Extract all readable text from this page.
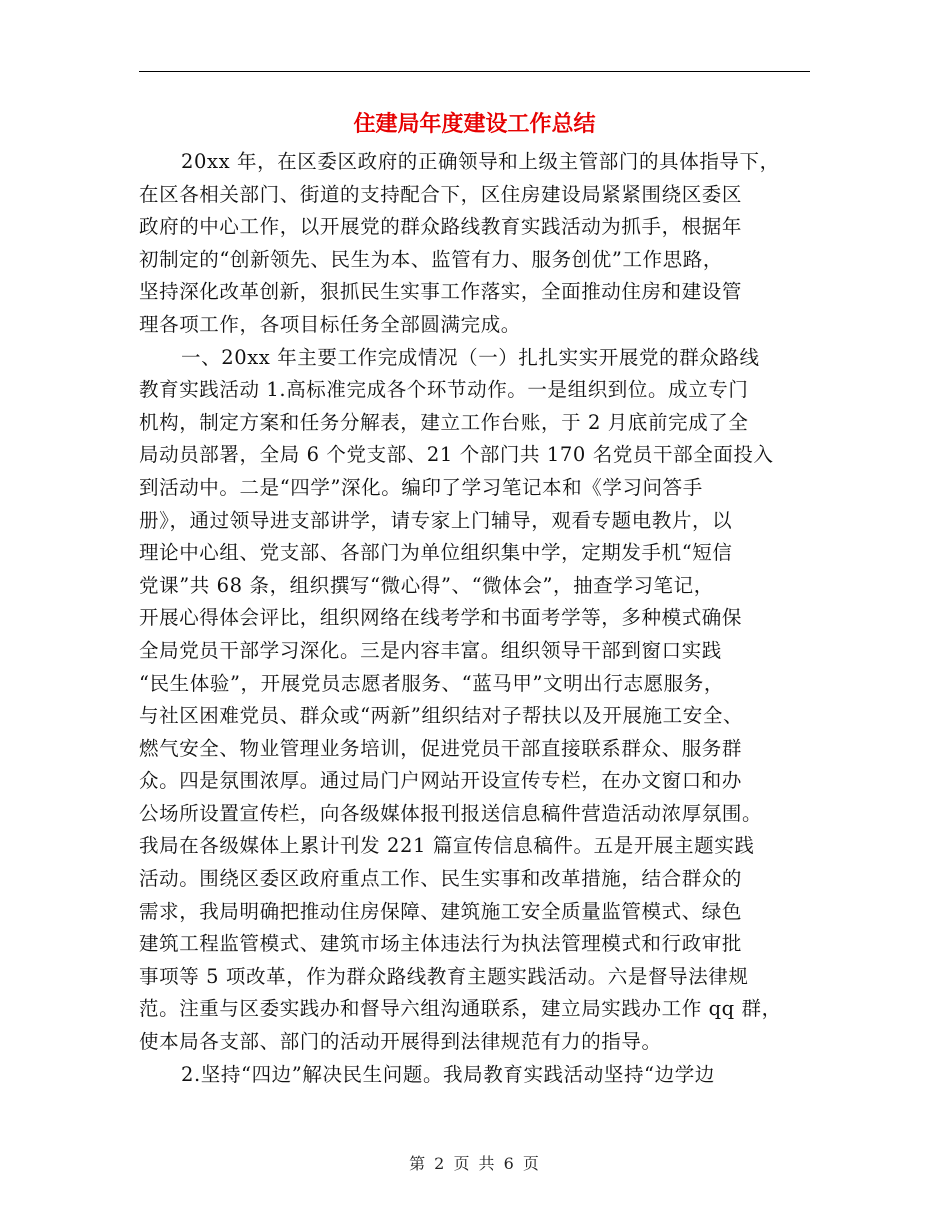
住建局年度建设工作总结
20xx 年，在区委区政府的正确领导和上级主管部门的具体指导下，
在区各相关部门、街道的支持配合下，区住房建设局紧紧围绕区委区
政府的中心工作，以开展党的群众路线教育实践活动为抓手，根据年
初制定的“创新领先、民生为本、监管有力、服务创优”工作思路，
坚持深化改革创新，狠抓民生实事工作落实，全面推动住房和建设管
理各项工作，各项目标任务全部圆满完成。
一、20xx 年主要工作完成情况（一）扎扎实实开展党的群众路线
教育实践活动 1.高标准完成各个环节动作。一是组织到位。成立专门
机构，制定方案和任务分解表，建立工作台账，于 2 月底前完成了全
局动员部署，全局 6 个党支部、21 个部门共 170 名党员干部全面投入
到活动中。二是“四学”深化。编印了学习笔记本和《学习问答手
册》，通过领导进支部讲学，请专家上门辅导，观看专题电教片，以
理论中心组、党支部、各部门为单位组织集中学，定期发手机“短信
党课”共 68 条，组织撰写“微心得”、“微体会”，抽查学习笔记，
开展心得体会评比，组织网络在线考学和书面考学等，多种模式确保
全局党员干部学习深化。三是内容丰富。组织领导干部到窗口实践
“民生体验”，开展党员志愿者服务、“蓝马甲”文明出行志愿服务，
与社区困难党员、群众或“两新”组织结对子帮扶以及开展施工安全、
燃气安全、物业管理业务培训，促进党员干部直接联系群众、服务群
众。四是氛围浓厚。通过局门户网站开设宣传专栏，在办文窗口和办
公场所设置宣传栏，向各级媒体报刊报送信息稿件营造活动浓厚氛围。
我局在各级媒体上累计刊发 221 篇宣传信息稿件。五是开展主题实践
活动。围绕区委区政府重点工作、民生实事和改革措施，结合群众的
需求，我局明确把推动住房保障、建筑施工安全质量监管模式、绿色
建筑工程监管模式、建筑市场主体违法行为执法管理模式和行政审批
事项等 5 项改革，作为群众路线教育主题实践活动。六是督导法律规
范。注重与区委实践办和督导六组沟通联系，建立局实践办工作 qq 群，
使本局各支部、部门的活动开展得到法律规范有力的指导。
2.坚持“四边”解决民生问题。我局教育实践活动坚持“边学边
第 2 页 共 6 页
